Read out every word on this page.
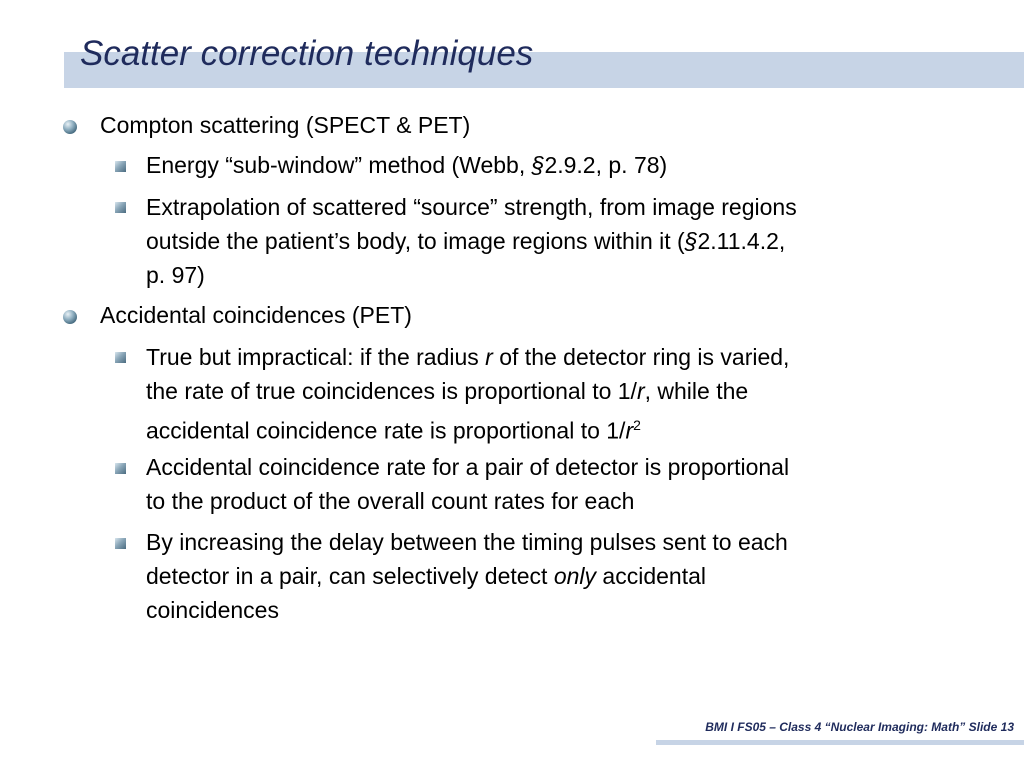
Scatter correction techniques
Compton scattering (SPECT & PET)
Energy “sub-window” method (Webb, §2.9.2, p. 78)
Extrapolation of scattered “source” strength, from image regions
outside the patient’s body, to image regions within it (§2.11.4.2,
p. 97)
Accidental coincidences (PET)
True but impractical: if the radius r of the detector ring is varied,
the rate of true coincidences is proportional to 1/r, while the
accidental coincidence rate is proportional to $1/r^2$
Accidental coincidence rate for a pair of detector is proportional
to the product of the overall count rates for each
By increasing the delay between the timing pulses sent to each
detector in a pair, can selectively detect only accidental
coincidences
BMI I FS05 – Class 4 “Nuclear Imaging: Math” Slide 13
